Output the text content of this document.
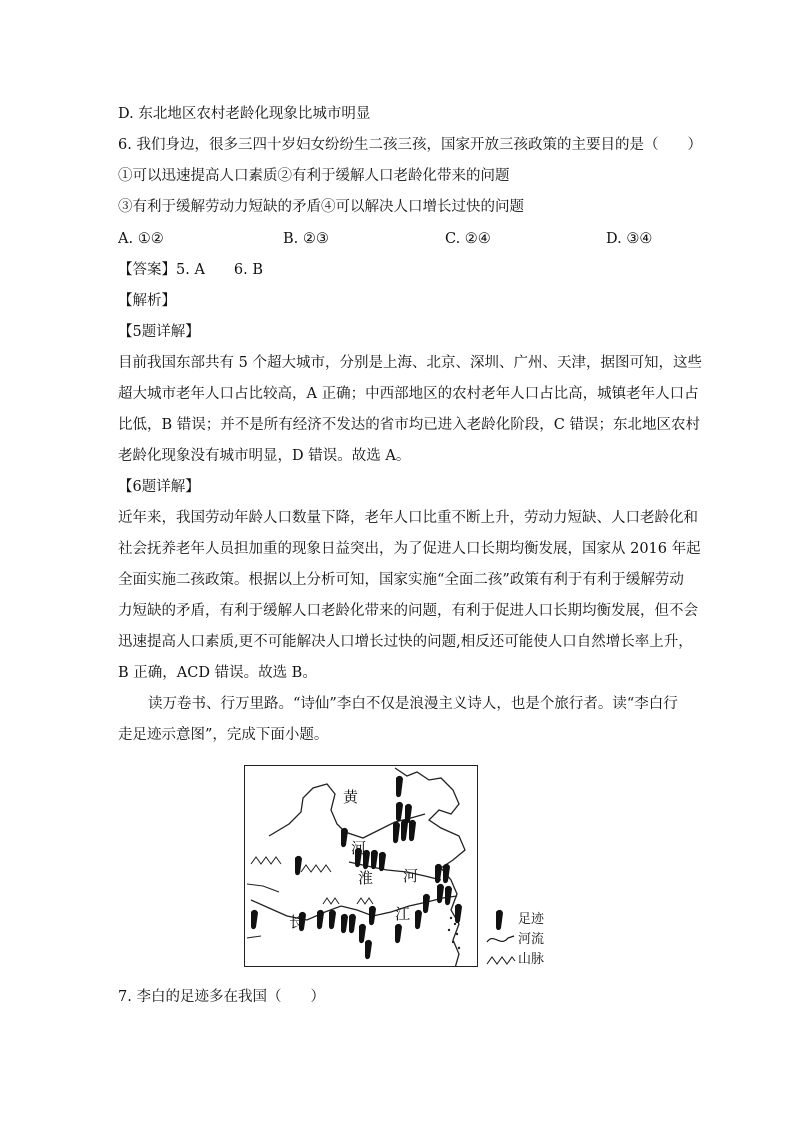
D. 东北地区农村老龄化现象比城市明显
6. 我们身边，很多三四十岁妇女纷纷生二孩三孩，国家开放三孩政策的主要目的是（　　）
①可以迅速提高人口素质②有利于缓解人口老龄化带来的问题
③有利于缓解劳动力短缺的矛盾④可以解决人口增长过快的问题
A. ①②	B. ②③	C. ②④	D. ③④
【答案】5. A　　6. B
【解析】
【5题详解】
目前我国东部共有 5 个超大城市，分别是上海、北京、深圳、广州、天津，据图可知，这些
超大城市老年人口占比较高，A 正确；中西部地区的农村老年人口占比高，城镇老年人口占
比低，B 错误；并不是所有经济不发达的省市均已进入老龄化阶段，C 错误；东北地区农村
老龄化现象没有城市明显，D 错误。故选 A。
【6题详解】
近年来，我国劳动年龄人口数量下降，老年人口比重不断上升，劳动力短缺、人口老龄化和
社会抚养老年人员担加重的现象日益突出，为了促进人口长期均衡发展，国家从 2016 年起
全面实施二孩政策。根据以上分析可知，国家实施“全面二孩”政策有利于有利于缓解劳动
力短缺的矛盾，有利于缓解人口老龄化带来的问题，有利于促进人口长期均衡发展，但不会
迅速提高人口素质,更不可能解决人口增长过快的问题,相反还可能使人口自然增长率上升，
B 正确，ACD 错误。故选 B。
读万卷书、行万里路。“诗仙”李白不仅是浪漫主义诗人，也是个旅行者。读“李白行
走足迹示意图”，完成下面小题。
黄
河
淮 河
长	江	足迹
河流
山脉
7. 李白的足迹多在我国（　　）
